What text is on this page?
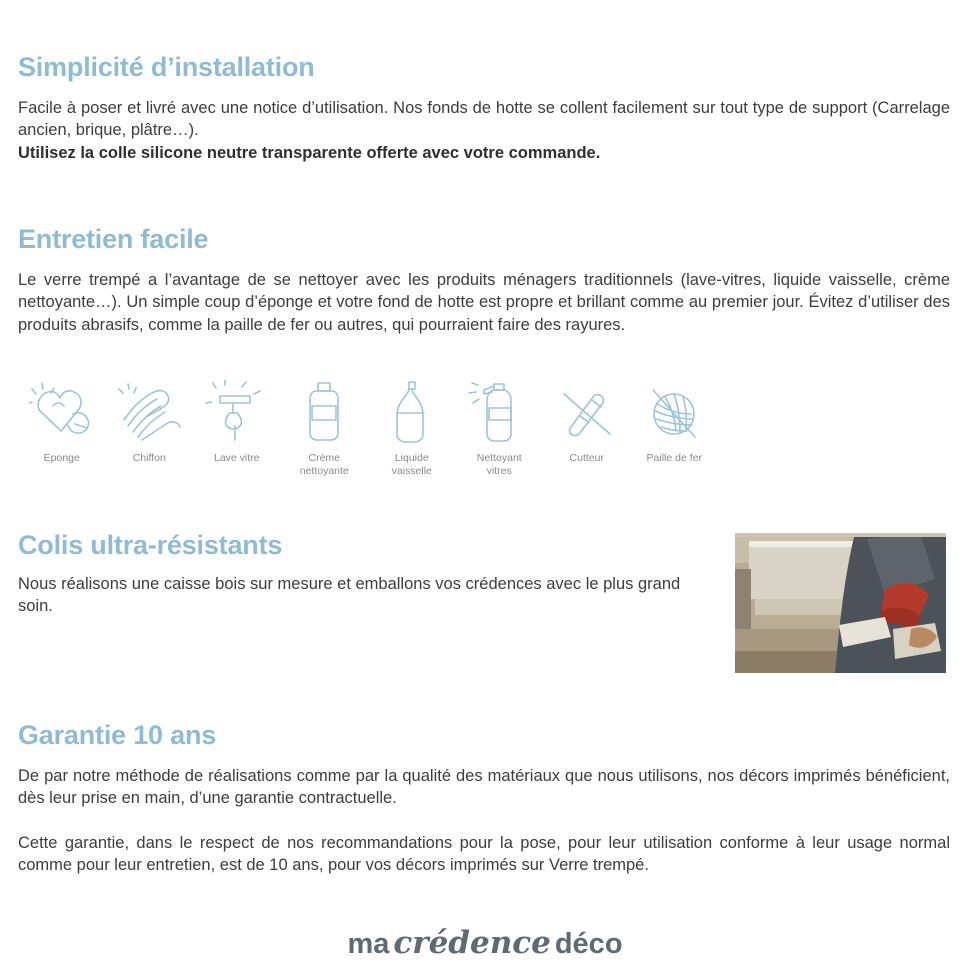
Simplicité d’installation

Facile à poser et livré avec une notice d’utilisation. Nos fonds de hotte se collent facilement sur tout type de support (Carrelage ancien, brique, plâtre…).
Utilisez la colle silicone neutre transparente offerte avec votre commande.

Entretien facile

Le verre trempé a l’avantage de se nettoyer avec les produits ménagers traditionnels (lave-vitres, liquide vaisselle, crème nettoyante…). Un simple coup d’éponge et votre fond de hotte est propre et brillant comme au premier jour. Évitez d’utiliser des produits abrasifs, comme la paille de fer ou autres, qui pourraient faire des rayures.

Eponge	Chiffon	Lave vitre	Crème
nettoyante
Liquide
vaisselle
Nettoyant
vitres
Cutteur	Paille de fer
Colis ultra-résistants

Nous réalisons une caisse bois sur mesure et emballons vos crédences avec le plus grand soin.

Garantie 10 ans

De par notre méthode de réalisations comme par la qualité des matériaux que nous utilisons, nos décors imprimés bénéficient, dès leur prise en main, d’une garantie contractuelle.

Cette garantie, dans le respect de nos recommandations pour la pose, pour leur utilisation conforme à leur usage normal comme pour leur entretien, est de 10 ans, pour vos décors imprimés sur Verre trempé.

ma crédence déco
